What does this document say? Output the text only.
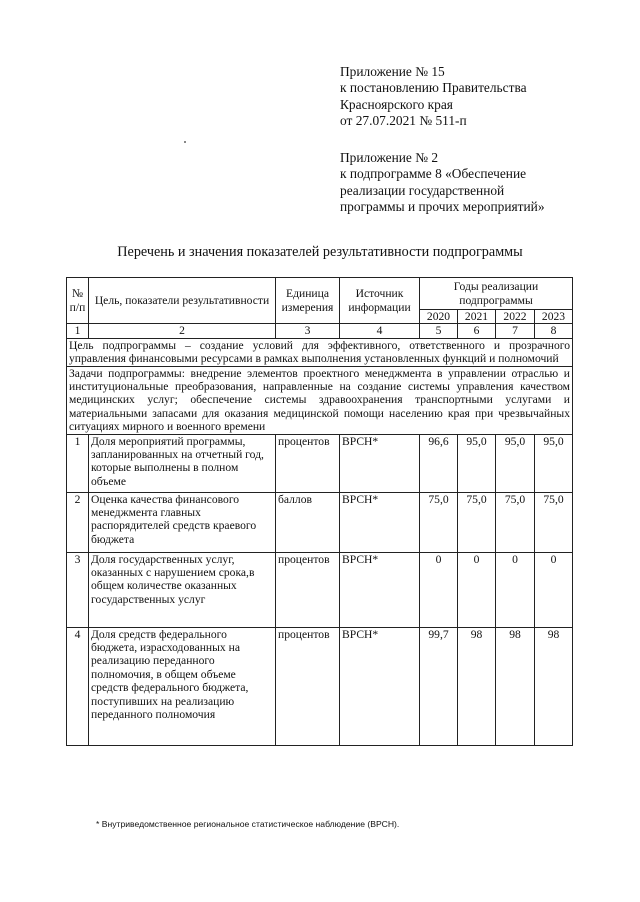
Приложение № 15
к постановлению Правительства
Красноярского края
от 27.07.2021 № 511-п
Приложение № 2
к подпрограмме 8 «Обеспечение
реализации государственной
программы и прочих мероприятий»
Перечень и значения показателей результативности подпрограммы
№ п/п	Цель, показатели результативности	Единица измерения	Источник информации	Годы реализации подпрограммы			
				2020	2021	2022	2023
1	2	3	4	5	6	7	8
Цель подпрограммы – создание условий для эффективного, ответственного и прозрачного управления финансовыми ресурсами в рамках выполнения установленных функций и полномочий							
Задачи подпрограммы: внедрение элементов проектного менеджмента в управлении отраслью и институциональные преобразования, направленные на создание системы управления качеством медицинских услуг; обеспечение системы здравоохранения транспортными услугами и материальными запасами для оказания медицинской помощи населению края при чрезвычайных ситуациях мирного и военного времени							
1	Доля мероприятий программы, запланированных на отчетный год, которые выполнены в полном объеме	процентов	ВРСН*	96,6	95,0	95,0	95,0
2	Оценка качества финансового менеджмента главных распорядителей средств краевого бюджета	баллов	ВРСН*	75,0	75,0	75,0	75,0
3	Доля государственных услуг, оказанных с нарушением срока,в общем количестве оказанных государственных услуг	процентов	ВРСН*	0	0	0	0
4	Доля средств федерального бюджета, израсходованных на реализацию переданного полномочия, в общем объеме средств федерального бюджета, поступивших на реализацию переданного полномочия	процентов	ВРСН*	99,7	98	98	98
* Внутриведомственное региональное статистическое наблюдение (ВРСН).
